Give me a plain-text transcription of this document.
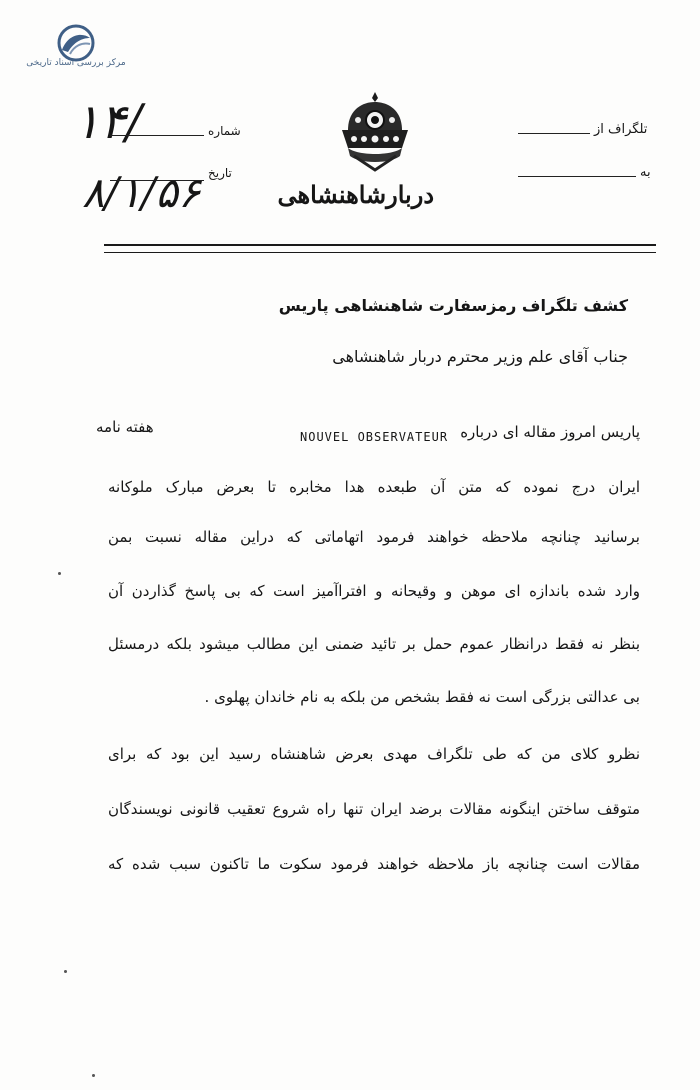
مرکز بررسی اسناد تاریخی
دربارشاهنشاهی
۱۴/	شماره
۸/۱/۵۶ تاریخ
تلگراف از
به
کشف تلگراف رمزسفارت شاهنشاهی پاریس
جناب آقای علم وزیر محترم دربار شاهنشاهی
پاریس امروز مقاله ای درباره
NOUVEL OBSERVATEUR
هفته نامه
ایران درج نموده که متن آن طبعده هدا مخابره تا بعرض مبارک ملوکانه
برسانید چنانچه ملاحظه خواهند فرمود اتهاماتی که دراین مقاله نسبت بمن
وارد شده باندازه ای موهن و وقیحانه و افتراآمیز است که بی پاسخ گذاردن آن
بنظر نه فقط درانظار عموم حمل بر تائید ضمنی این مطالب میشود بلکه درمسئل
بی عدالتی بزرگی است نه فقط بشخص من بلکه به نام خاندان پهلوی .
نظرو کلای من که طی تلگراف مهدی بعرض شاهنشاه رسید این بود که برای
متوقف ساختن اینگونه مقالات برضد ایران تنها راه شروع تعقیب قانونی نویسندگان
مقالات است چنانچه باز ملاحظه خواهند فرمود سکوت ما تاکنون سبب شده که
